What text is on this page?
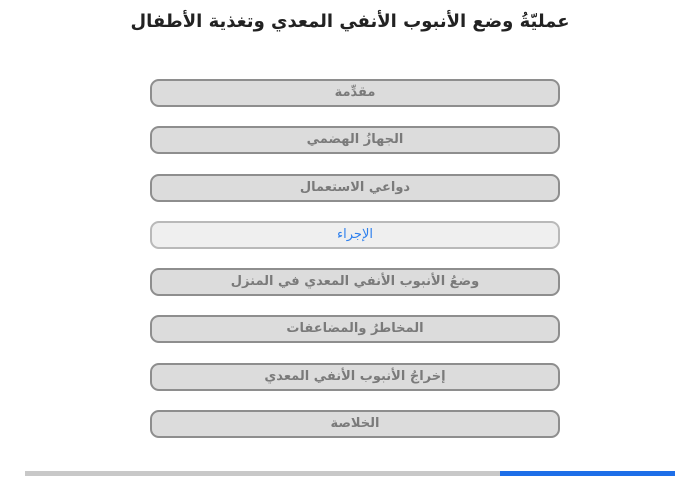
عمليّةُ وضع الأنبوب الأنفي المعدي وتغذية الأطفال
مقدِّمة
الجهازُ الهضمي
دواعي الاستعمال
الإجراء
وضعُ الأنبوب الأنفي المعدي في المنزل
المخاطرُ والمضاعفات
إخراجُ الأنبوب الأنفي المعدي
الخلاصة
